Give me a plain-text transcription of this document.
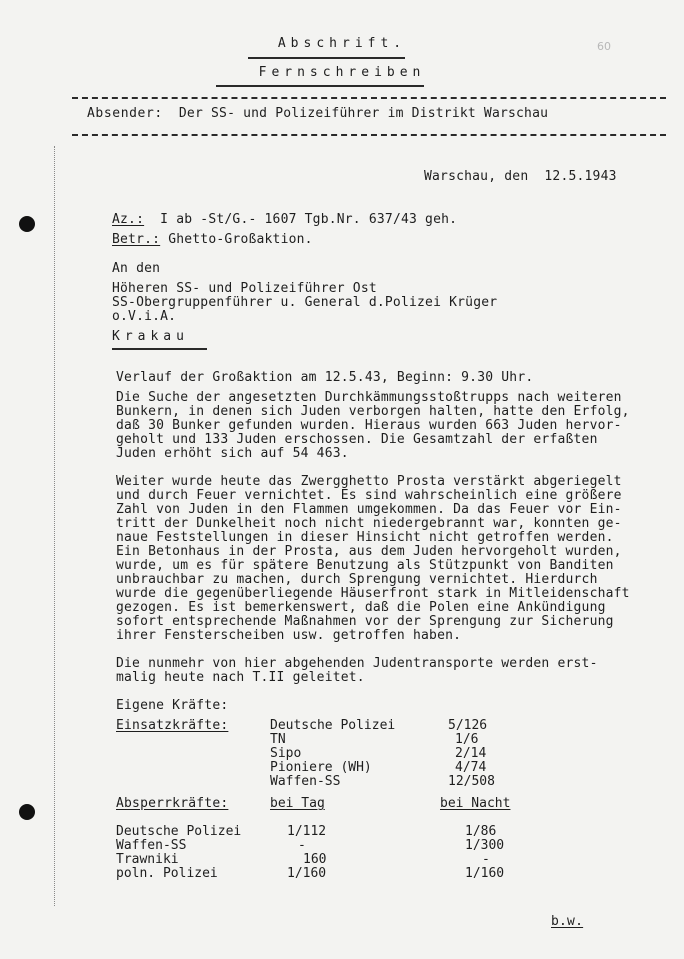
60
Abschrift.
Fernschreiben
Absender: Der SS- und Polizeiführer im Distrikt Warschau
Warschau, den  12.5.1943
Az.: I ab -St/G.- 1607 Tgb.Nr. 637/43 geh.
Betr.: Ghetto-Großaktion.
An den
Höheren SS- und Polizeiführer Ost
SS-Obergruppenführer u. General d.Polizei Krüger
o.V.i.A.
Krakau
Verlauf der Großaktion am 12.5.43, Beginn: 9.30 Uhr.
Die Suche der angesetzten Durchkämmungsstoßtrupps nach weiteren
Bunkern, in denen sich Juden verborgen halten, hatte den Erfolg,
daß 30 Bunker gefunden wurden. Hieraus wurden 663 Juden hervor-
geholt und 133 Juden erschossen. Die Gesamtzahl der erfaßten
Juden erhöht sich auf 54 463.
Weiter wurde heute das Zwergghetto Prosta verstärkt abgeriegelt
und durch Feuer vernichtet. Es sind wahrscheinlich eine größere
Zahl von Juden in den Flammen umgekommen. Da das Feuer vor Ein-
tritt der Dunkelheit noch nicht niedergebrannt war, konnten ge-
naue Feststellungen in dieser Hinsicht nicht getroffen werden.
Ein Betonhaus in der Prosta, aus dem Juden hervorgeholt wurden,
wurde, um es für spätere Benutzung als Stützpunkt von Banditen
unbrauchbar zu machen, durch Sprengung vernichtet. Hierdurch
wurde die gegenüberliegende Häuserfront stark in Mitleidenschaft
gezogen. Es ist bemerkenswert, daß die Polen eine Ankündigung
sofort entsprechende Maßnahmen vor der Sprengung zur Sicherung
ihrer Fensterscheiben usw. getroffen haben.
Die nunmehr von hier abgehenden Judentransporte werden erst-
malig heute nach T.II geleitet.
Eigene Kräfte:
Einsatzkräfte:	Deutsche Polizei	5/126
TN	1/6
Sipo	2/14
Pioniere (WH)	4/74
Waffen-SS	12/508
Absperrkräfte:	bei Tag	bei Nacht
Deutsche Polizei	1/112	1/86
Waffen-SS	-	1/300
Trawniki	160	-
poln. Polizei	1/160	1/160
b.w.
